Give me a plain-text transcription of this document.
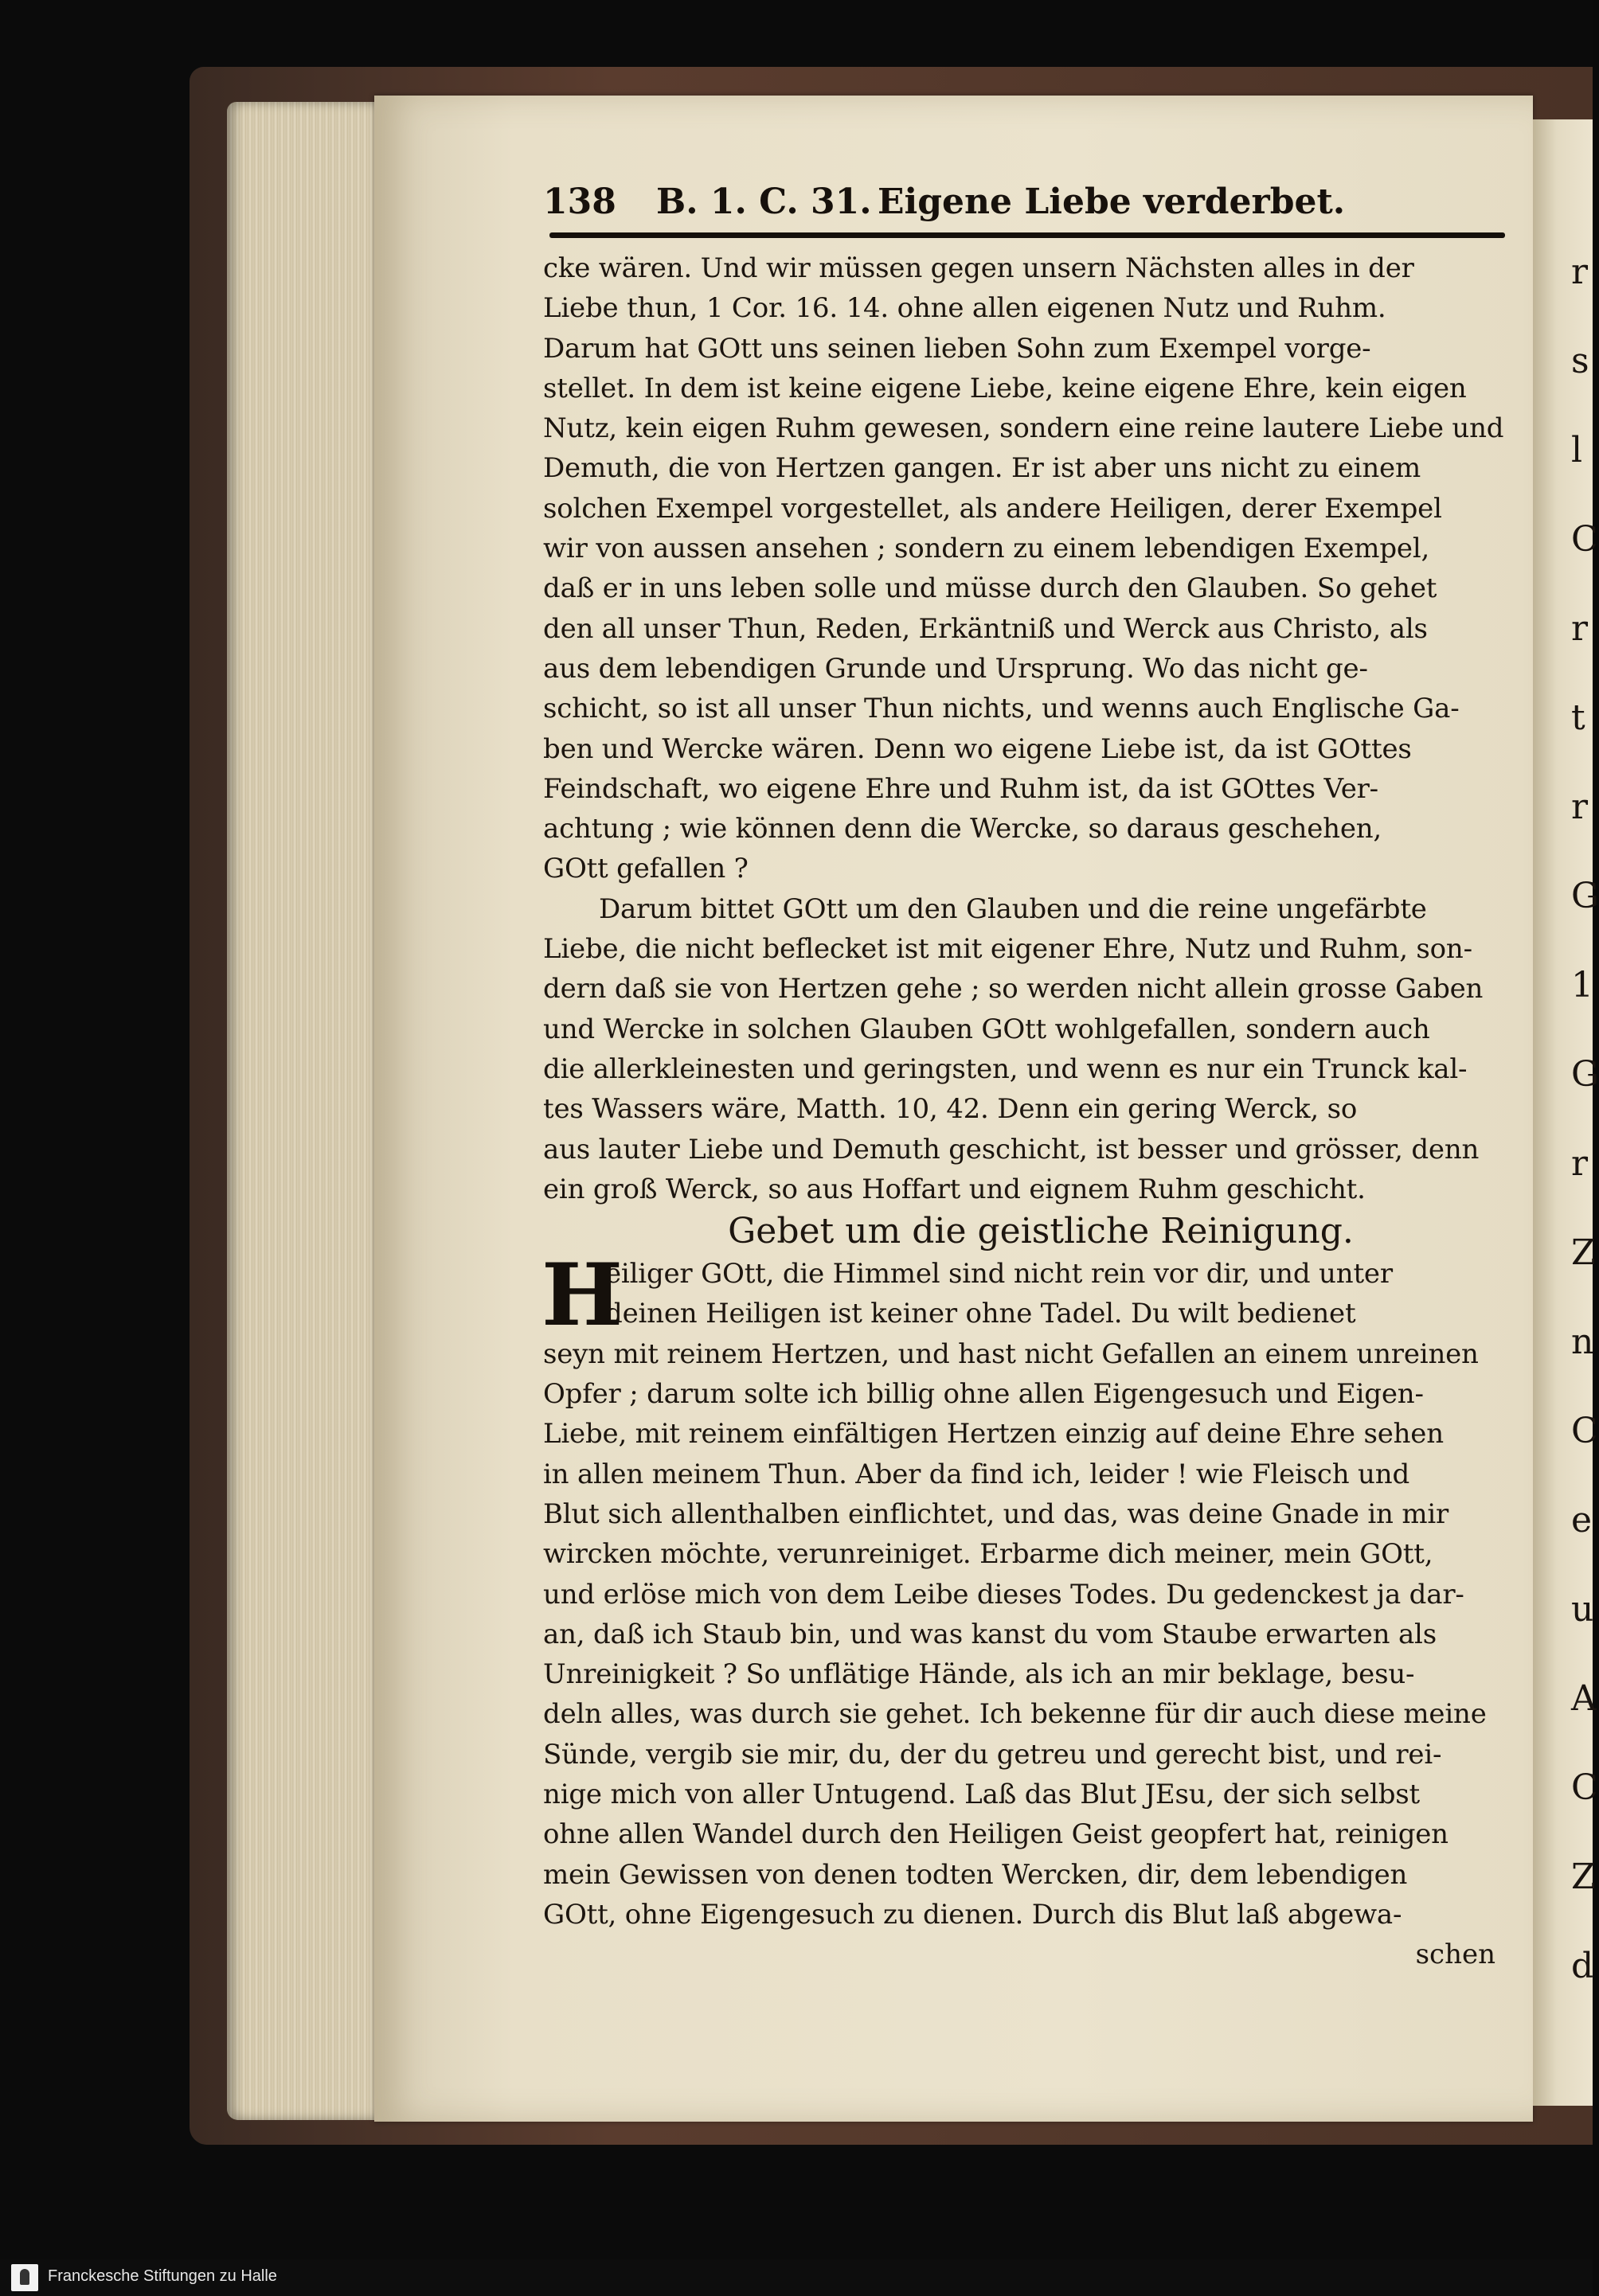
r
s
l
C
r
t
r
G
1
G
r
Z
n
C
e
u
A
C
Z
d
138 B. 1. C. 31. Eigene Liebe verderbet.
cke wären. Und wir müssen gegen unsern Nächsten alles in der
Liebe thun, 1 Cor. 16. 14. ohne allen eigenen Nutz und Ruhm.
Darum hat GOtt uns seinen lieben Sohn zum Exempel vorge-
stellet. In dem ist keine eigene Liebe, keine eigene Ehre, kein eigen
Nutz, kein eigen Ruhm gewesen, sondern eine reine lautere Liebe und
Demuth, die von Hertzen gangen. Er ist aber uns nicht zu einem
solchen Exempel vorgestellet, als andere Heiligen, derer Exempel
wir von aussen ansehen ; sondern zu einem lebendigen Exempel,
daß er in uns leben solle und müsse durch den Glauben. So gehet
den all unser Thun, Reden, Erkäntniß und Werck aus Christo, als
aus dem lebendigen Grunde und Ursprung. Wo das nicht ge-
schicht, so ist all unser Thun nichts, und wenns auch Englische Ga-
ben und Wercke wären. Denn wo eigene Liebe ist, da ist GOttes
Feindschaft, wo eigene Ehre und Ruhm ist, da ist GOttes Ver-
achtung ; wie können denn die Wercke, so daraus geschehen,
GOtt gefallen ?
Darum bittet GOtt um den Glauben und die reine ungefärbte
Liebe, die nicht beflecket ist mit eigener Ehre, Nutz und Ruhm, son-
dern daß sie von Hertzen gehe ; so werden nicht allein grosse Gaben
und Wercke in solchen Glauben GOtt wohlgefallen, sondern auch
die allerkleinesten und geringsten, und wenn es nur ein Trunck kal-
tes Wassers wäre, Matth. 10, 42. Denn ein gering Werck, so
aus lauter Liebe und Demuth geschicht, ist besser und grösser, denn
ein groß Werck, so aus Hoffart und eignem Ruhm geschicht.
Gebet um die geistliche Reinigung.
H
eiliger GOtt, die Himmel sind nicht rein vor dir, und unter
deinen Heiligen ist keiner ohne Tadel. Du wilt bedienet
seyn mit reinem Hertzen, und hast nicht Gefallen an einem unreinen
Opfer ; darum solte ich billig ohne allen Eigengesuch und Eigen-
Liebe, mit reinem einfältigen Hertzen einzig auf deine Ehre sehen
in allen meinem Thun. Aber da find ich, leider ! wie Fleisch und
Blut sich allenthalben einflichtet, und das, was deine Gnade in mir
wircken möchte, verunreiniget. Erbarme dich meiner, mein GOtt,
und erlöse mich von dem Leibe dieses Todes. Du gedenckest ja dar-
an, daß ich Staub bin, und was kanst du vom Staube erwarten als
Unreinigkeit ? So unflätige Hände, als ich an mir beklage, besu-
deln alles, was durch sie gehet. Ich bekenne für dir auch diese meine
Sünde, vergib sie mir, du, der du getreu und gerecht bist, und rei-
nige mich von aller Untugend. Laß das Blut JEsu, der sich selbst
ohne allen Wandel durch den Heiligen Geist geopfert hat, reinigen
mein Gewissen von denen todten Wercken, dir, dem lebendigen
GOtt, ohne Eigengesuch zu dienen. Durch dis Blut laß abgewa-
schen
Franckesche Stiftungen zu Halle
